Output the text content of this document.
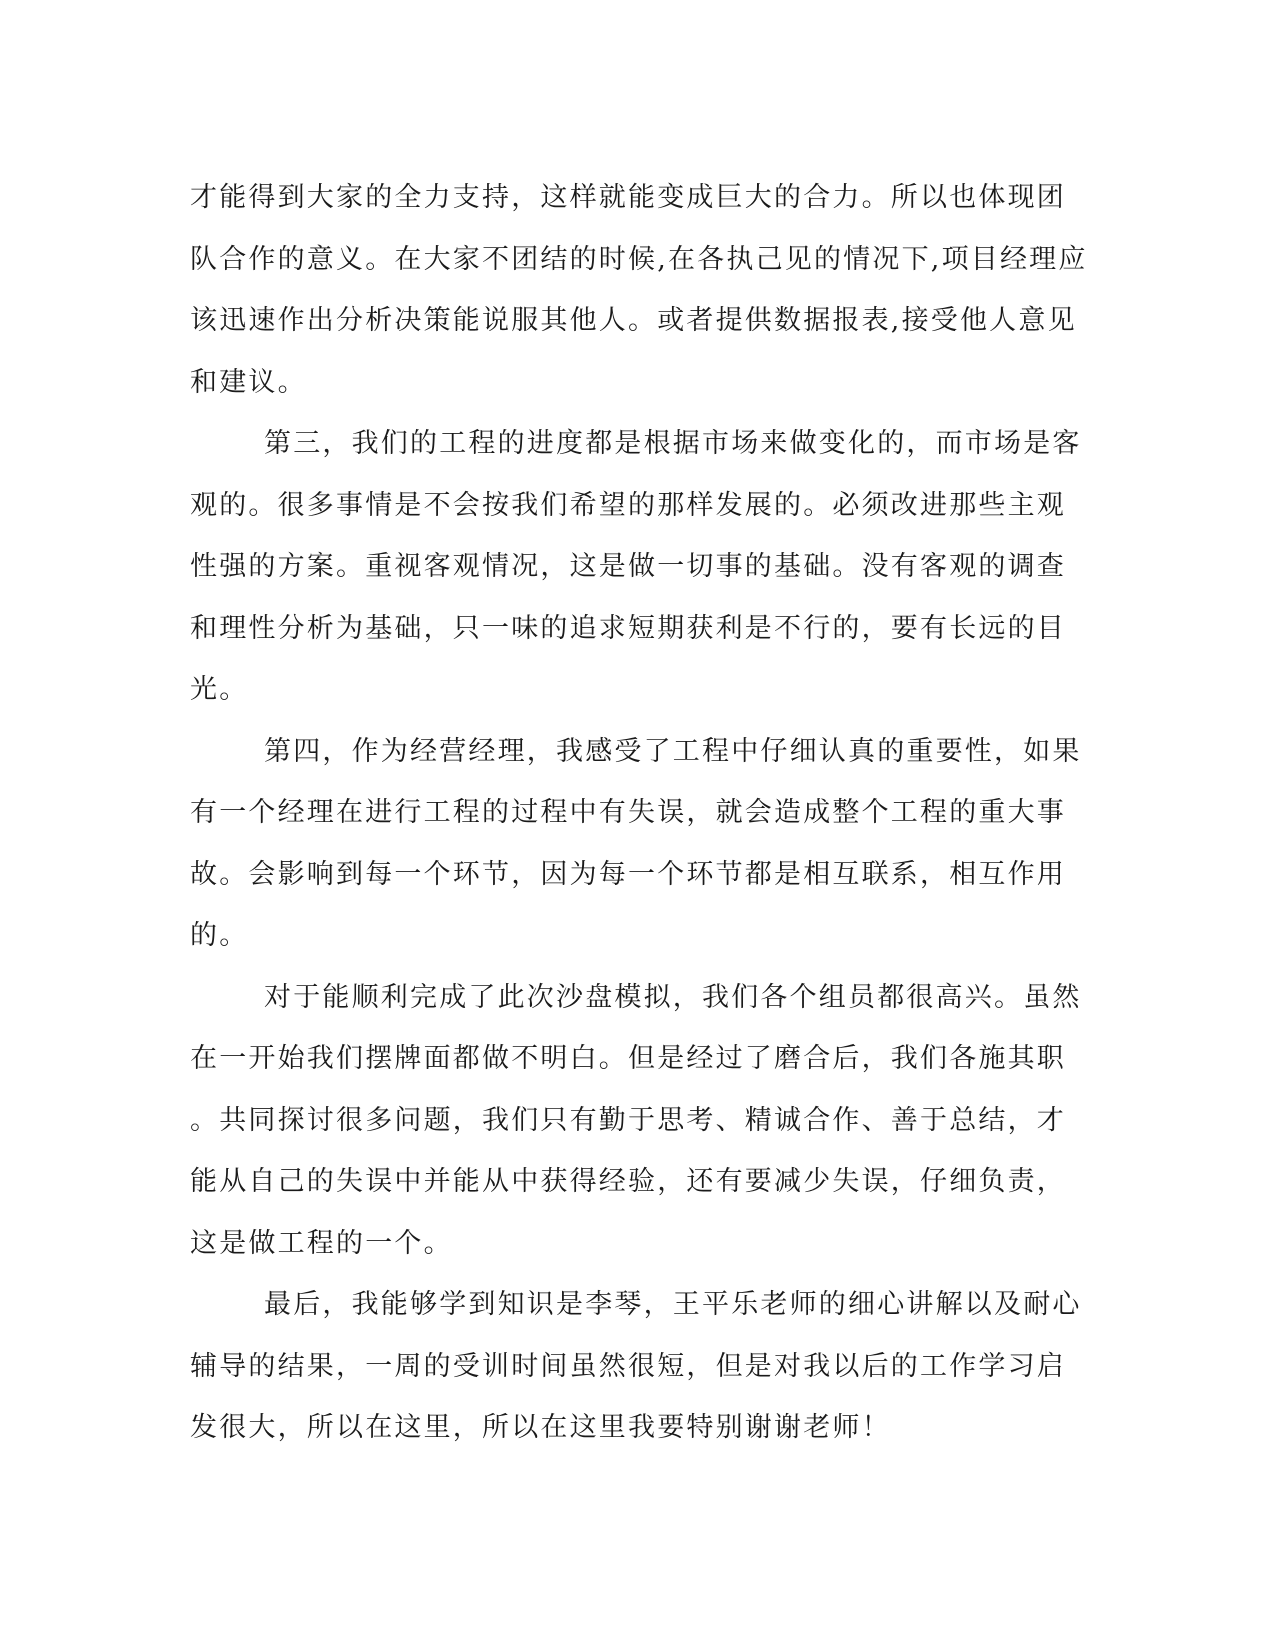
才能得到大家的全力支持，这样就能变成巨大的合力。所以也体现团
队合作的意义。在大家不团结的时候,在各执己见的情况下,项目经理应
该迅速作出分析决策能说服其他人。或者提供数据报表,接受他人意见
和建议。
第三，我们的工程的进度都是根据市场来做变化的，而市场是客
观的。很多事情是不会按我们希望的那样发展的。必须改进那些主观
性强的方案。重视客观情况，这是做一切事的基础。没有客观的调查
和理性分析为基础，只一味的追求短期获利是不行的，要有长远的目
光。
第四，作为经营经理，我感受了工程中仔细认真的重要性，如果
有一个经理在进行工程的过程中有失误，就会造成整个工程的重大事
故。会影响到每一个环节，因为每一个环节都是相互联系，相互作用
的。
对于能顺利完成了此次沙盘模拟，我们各个组员都很高兴。虽然
在一开始我们摆牌面都做不明白。但是经过了磨合后，我们各施其职
。共同探讨很多问题，我们只有勤于思考、精诚合作、善于总结，才
能从自己的失误中并能从中获得经验，还有要减少失误，仔细负责，
这是做工程的一个。
最后，我能够学到知识是李琴，王平乐老师的细心讲解以及耐心
辅导的结果，一周的受训时间虽然很短，但是对我以后的工作学习启
发很大，所以在这里，所以在这里我要特别谢谢老师！
